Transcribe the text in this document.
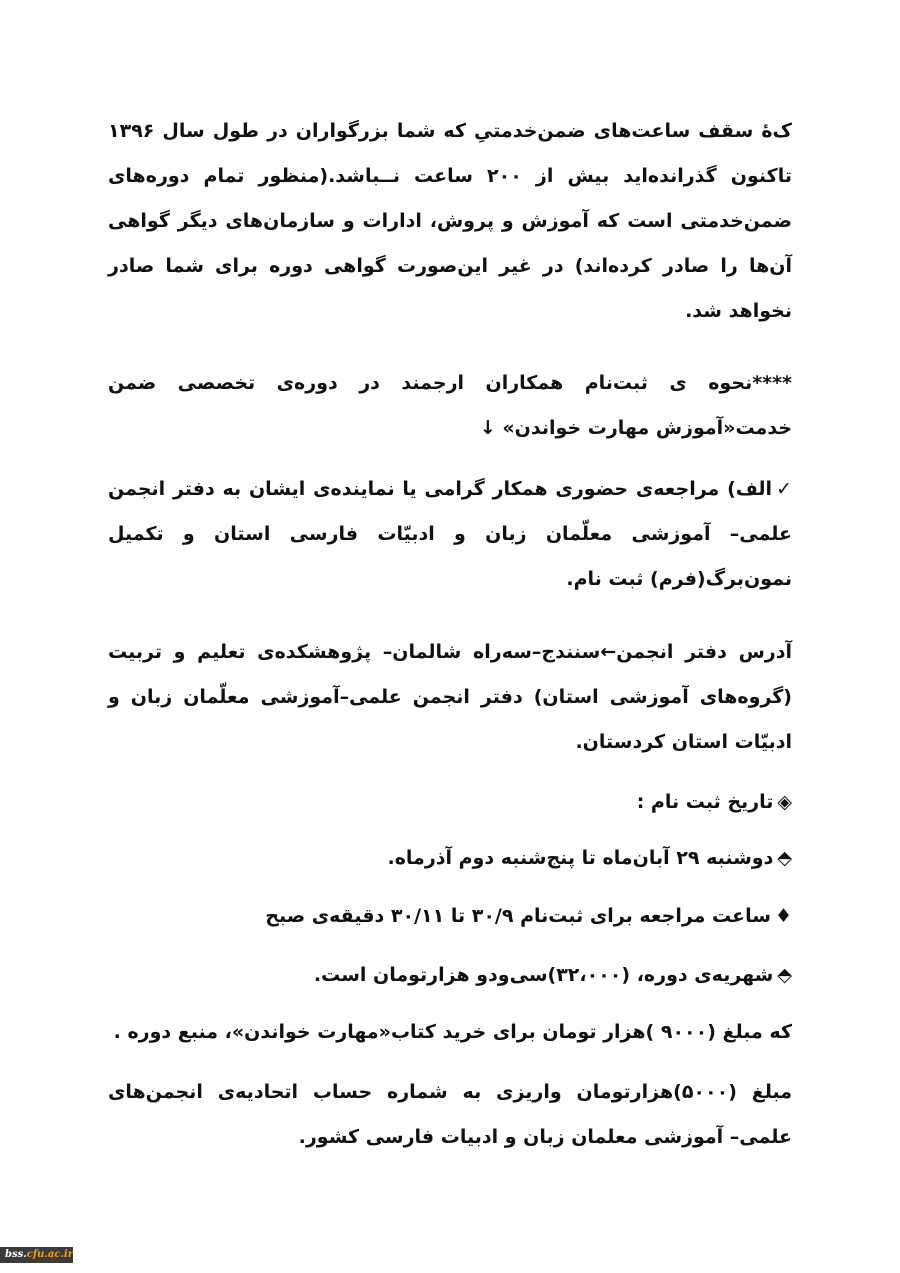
ک‌ۀ سقف ساعت‌های ضمن‌خدمتیِ که شما بزرگواران در طول سال ۱۳۹۶ تاکنون گذرانده‌اید بیش از ۲۰۰ ساعت نــباشد.(منظور تمام دوره‌های ضمن‌خدمتی است که آموزش و پروش، ادارات و سازمان‌های دیگر گواهی آن‌ها را صادر کرده‌اند) در غیر این‌صورت گواهی دوره برای شما صادر نخواهد شد.

****نحوه ی ثبت‌نام همکاران ارجمند در دوره‌ی تخصصی ضمن خدمت«آموزش مهارت خواندن» ↓

✓الف) مراجعه‌ی حضوری همکار گرامی یا نماینده‌ی ایشان به دفتر انجمن علمی– آموزشی معلّمان زبان و ادبیّات فارسی استان و تکمیل نمون‌برگ(فرم) ثبت نام.

آدرس دفتر انجمن←سنندج–سه‌راه شالمان– پژوهشکده‌ی تعلیم و تربیت (گروه‌های آموزشی استان) دفتر انجمن علمی–آموزشی معلّمان زبان و ادبیّات استان کردستان.

◈تاریخ ثبت نام :

⬘دوشنبه ۲۹ آبان‌ماه تا پنج‌شنبه دوم آذرماه.

♦ساعت مراجعه برای ثبت‌نام ۳۰/۹ تا ۳۰/۱۱ دقیقه‌ی صبح

⬘شهریه‌ی دوره، (۳۲،۰۰۰)سی‌ودو هزارتومان است.

که مبلغ (۹۰۰۰ )هزار تومان برای خرید کتاب«مهارت خواندن»، منبع دوره .

مبلغ (۵۰۰۰)هزارتومان واریزی به شماره حساب اتحادیه‌ی انجمن‌های علمی– آموزشی معلمان زبان و ادبیات فارسی کشور.

bss.cfu.ac.ir
